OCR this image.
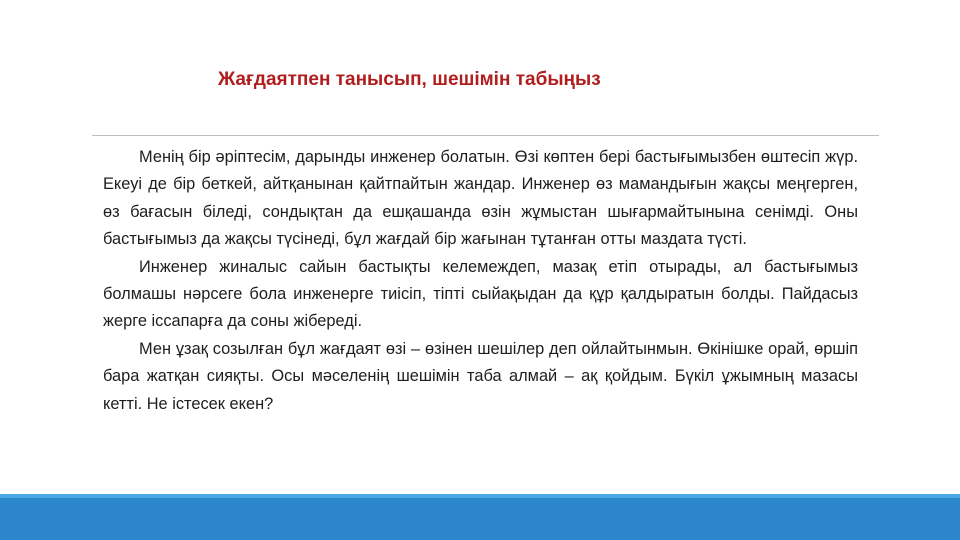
Жағдаятпен танысып, шешімін табыңыз

Менің бір әріптесім, дарынды инженер болатын. Өзі көптен бері бастығымызбен өштесіп жүр. Екеуі де бір беткей, айтқанынан қайтпайтын жандар. Инженер өз мамандығын жақсы меңгерген, өз бағасын біледі, сондықтан да ешқашанда өзін жұмыстан шығармайтынына сенімді. Оны бастығымыз да жақсы түсінеді, бұл жағдай бір жағынан тұтанған отты маздата түсті.

Инженер жиналыс сайын бастықты келемеждеп, мазақ етіп отырады, ал бастығымыз болмашы нәрсеге бола инженерге тиісіп, тіпті сыйақыдан да құр қалдыратын болды. Пайдасыз жерге іссапарға да соны жібереді.

Мен ұзақ созылған бұл жағдаят өзі – өзінен шешілер деп ойлайтынмын. Өкінішке орай, өршіп бара жатқан сияқты. Осы мәселенің шешімін таба алмай – ақ қойдым. Бүкіл ұжымның мазасы кетті. Не істесек екен?
